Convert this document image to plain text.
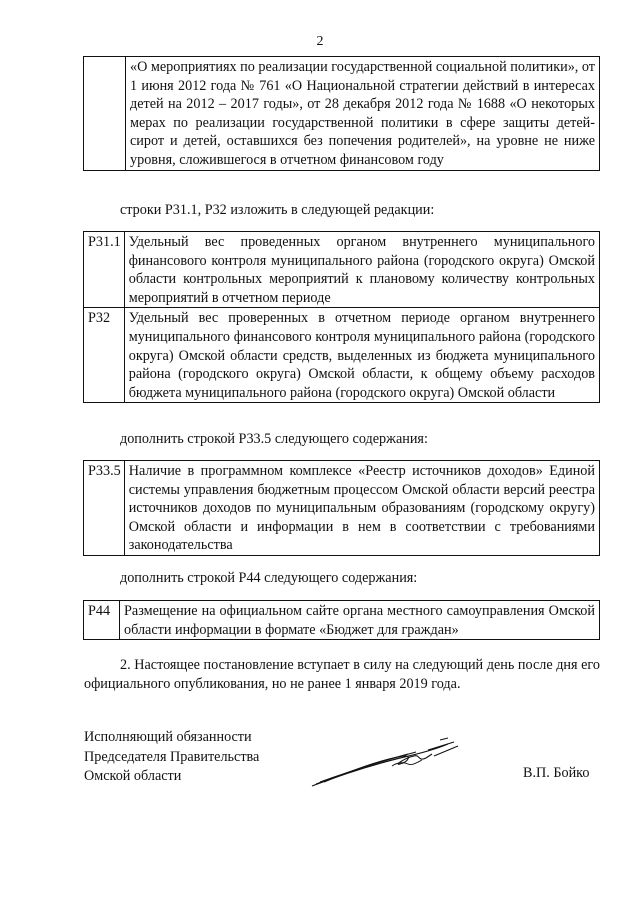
2
	«О мероприятиях по реализации государственной социальной политики», от 1 июня 2012 года № 761 «О Национальной стратегии действий в интересах детей на 2012 – 2017 годы», от 28 декабря 2012 года № 1688 «О некоторых мерах по реализации государственной политики в сфере защиты детей-сирот и детей, оставшихся без попечения родителей», на уровне не ниже уровня, сложившегося в отчетном финансовом году
строки Р31.1, Р32 изложить в следующей редакции:
Р31.1	Удельный вес проведенных органом внутреннего муниципального финансового контроля муниципального района (городского округа) Омской области контрольных мероприятий к плановому количеству контрольных мероприятий в отчетном периоде
Р32	Удельный вес проверенных в отчетном периоде органом внутреннего муниципального финансового контроля муниципального района (городского округа) Омской области средств, выделенных из бюджета муниципального района (городского округа) Омской области, к общему объему расходов бюджета муниципального района (городского округа) Омской области
дополнить строкой Р33.5 следующего содержания:
Р33.5	Наличие в программном комплексе «Реестр источников доходов» Единой системы управления бюджетным процессом Омской области версий реестра источников доходов по муниципальным образованиям (городскому округу) Омской области и информации в нем в соответствии с требованиями законодательства
дополнить строкой Р44 следующего содержания:
Р44	Размещение на официальном сайте органа местного самоуправления Омской области информации в формате «Бюджет для граждан»
2. Настоящее постановление вступает в силу на следующий день после дня его официального опубликования, но не ранее 1 января 2019 года.
Исполняющий обязанности
Председателя Правительства
Омской области	В.П. Бойко
